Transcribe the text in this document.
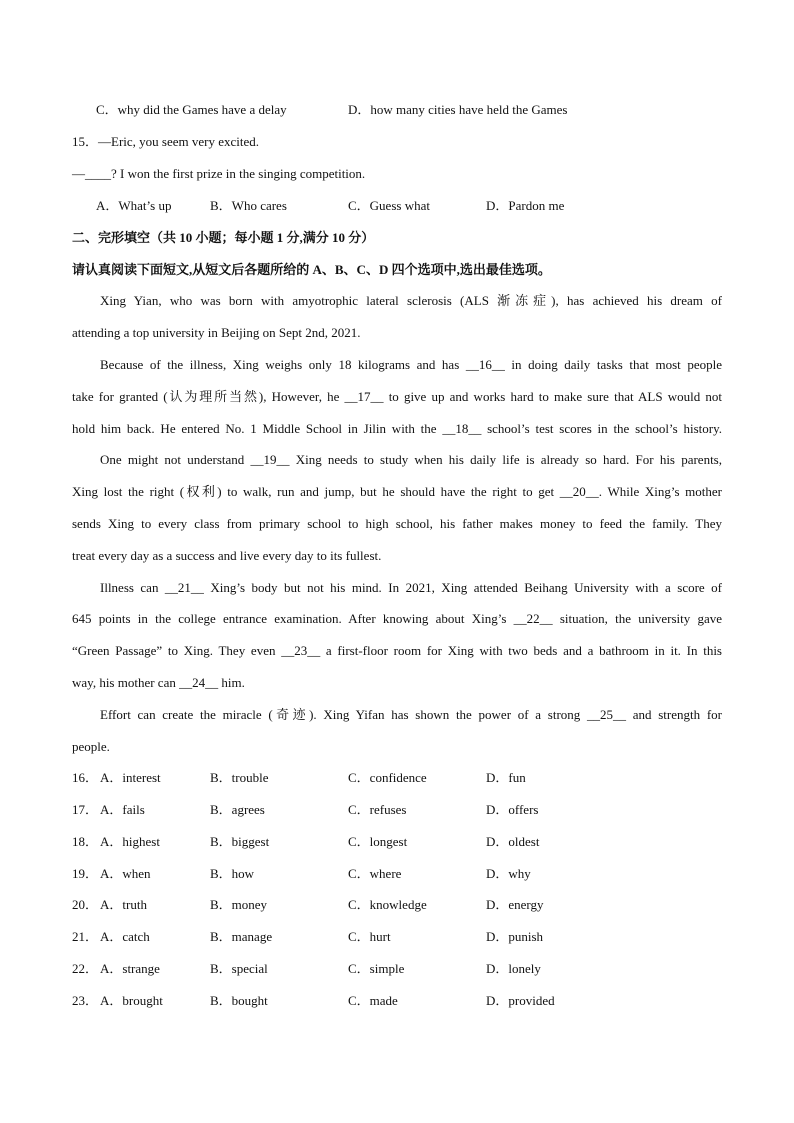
C．why did the Games have a delay	D．how many cities have held the Games
15．—Eric, you seem very excited.
—____? I won the first prize in the singing competition.
A．What’s up	B．Who cares	C．Guess what	D．Pardon me
二、完形填空（共 10 小题；每小题 1 分,满分 10 分）
请认真阅读下面短文,从短文后各题所给的 A、B、C、D 四个选项中,选出最佳选项。
Xing Yian, who was born with amyotrophic lateral sclerosis (ALS 渐冻症), has achieved his dream of
attending a top university in Beijing on Sept 2nd, 2021.
Because of the illness, Xing weighs only 18 kilograms and has __16__ in doing daily tasks that most people
take for granted (认为理所当然), However, he __17__ to give up and works hard to make sure that ALS would not
hold him back. He entered No. 1 Middle School in Jilin with the __18__ school’s test scores in the school’s history.
One might not understand __19__ Xing needs to study when his daily life is already so hard. For his parents,
Xing lost the right (权利) to walk, run and jump, but he should have the right to get __20__. While Xing’s mother
sends Xing to every class from primary school to high school, his father makes money to feed the family. They
treat every day as a success and live every day to its fullest.
Illness can __21__ Xing’s body but not his mind. In 2021, Xing attended Beihang University with a score of
645 points in the college entrance examination. After knowing about Xing’s __22__ situation, the university gave
“Green Passage” to Xing. They even __23__ a first-floor room for Xing with two beds and a bathroom in it. In this
way, his mother can __24__ him.
Effort can create the miracle (奇迹). Xing Yifan has shown the power of a strong __25__ and strength for
people.
16． A．interest	B．trouble	C．confidence	D．fun
17． A．fails	B．agrees	C．refuses	D．offers
18． A．highest	B．biggest	C．longest	D．oldest
19． A．when	B．how	C．where	D．why
20． A．truth	B．money	C．knowledge	D．energy
21． A．catch	B．manage	C．hurt	D．punish
22． A．strange	B．special	C．simple	D．lonely
23． A．brought	B．bought	C．made	D．provided
